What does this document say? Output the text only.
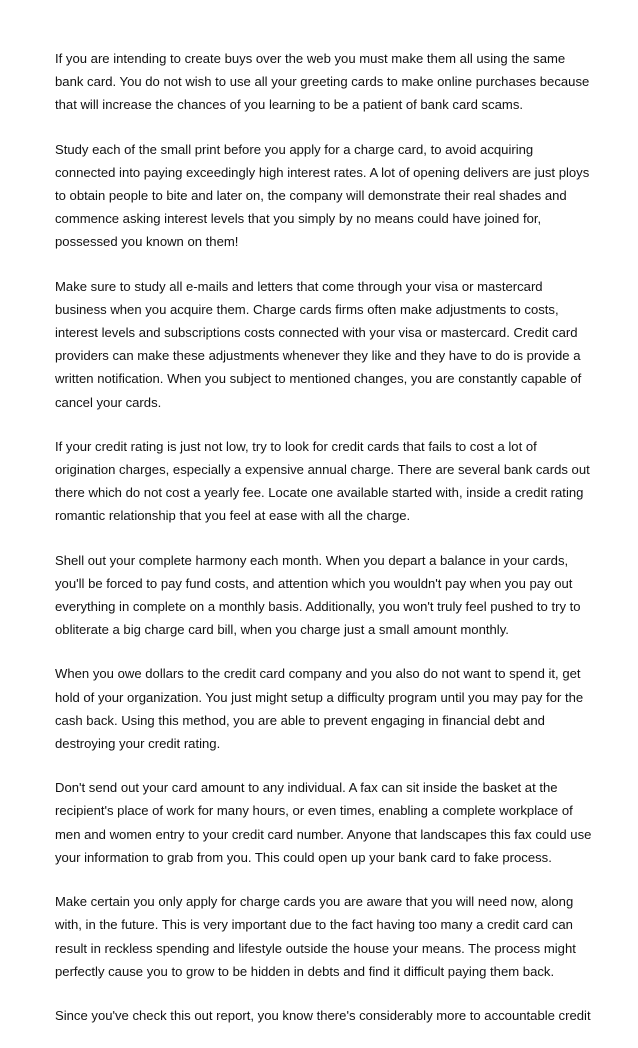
If you are intending to create buys over the web you must make them all using the same
bank card. You do not wish to use all your greeting cards to make online purchases because
that will increase the chances of you learning to be a patient of bank card scams.

Study each of the small print before you apply for a charge card, to avoid acquiring
connected into paying exceedingly high interest rates. A lot of opening delivers are just ploys
to obtain people to bite and later on, the company will demonstrate their real shades and
commence asking interest levels that you simply by no means could have joined for,
possessed you known on them!

Make sure to study all e-mails and letters that come through your visa or mastercard
business when you acquire them. Charge cards firms often make adjustments to costs,
interest levels and subscriptions costs connected with your visa or mastercard. Credit card
providers can make these adjustments whenever they like and they have to do is provide a
written notification. When you subject to mentioned changes, you are constantly capable of
cancel your cards.

If your credit rating is just not low, try to look for credit cards that fails to cost a lot of
origination charges, especially a expensive annual charge. There are several bank cards out
there which do not cost a yearly fee. Locate one available started with, inside a credit rating
romantic relationship that you feel at ease with all the charge.

Shell out your complete harmony each month. When you depart a balance in your cards,
you'll be forced to pay fund costs, and attention which you wouldn't pay when you pay out
everything in complete on a monthly basis. Additionally, you won't truly feel pushed to try to
obliterate a big charge card bill, when you charge just a small amount monthly.

When you owe dollars to the credit card company and you also do not want to spend it, get
hold of your organization. You just might setup a difficulty program until you may pay for the
cash back. Using this method, you are able to prevent engaging in financial debt and
destroying your credit rating.

Don't send out your card amount to any individual. A fax can sit inside the basket at the
recipient's place of work for many hours, or even times, enabling a complete workplace of
men and women entry to your credit card number. Anyone that landscapes this fax could use
your information to grab from you. This could open up your bank card to fake process.

Make certain you only apply for charge cards you are aware that you will need now, along
with, in the future. This is very important due to the fact having too many a credit card can
result in reckless spending and lifestyle outside the house your means. The process might
perfectly cause you to grow to be hidden in debts and find it difficult paying them back.

Since you've check this out report, you know there's considerably more to accountable credit
